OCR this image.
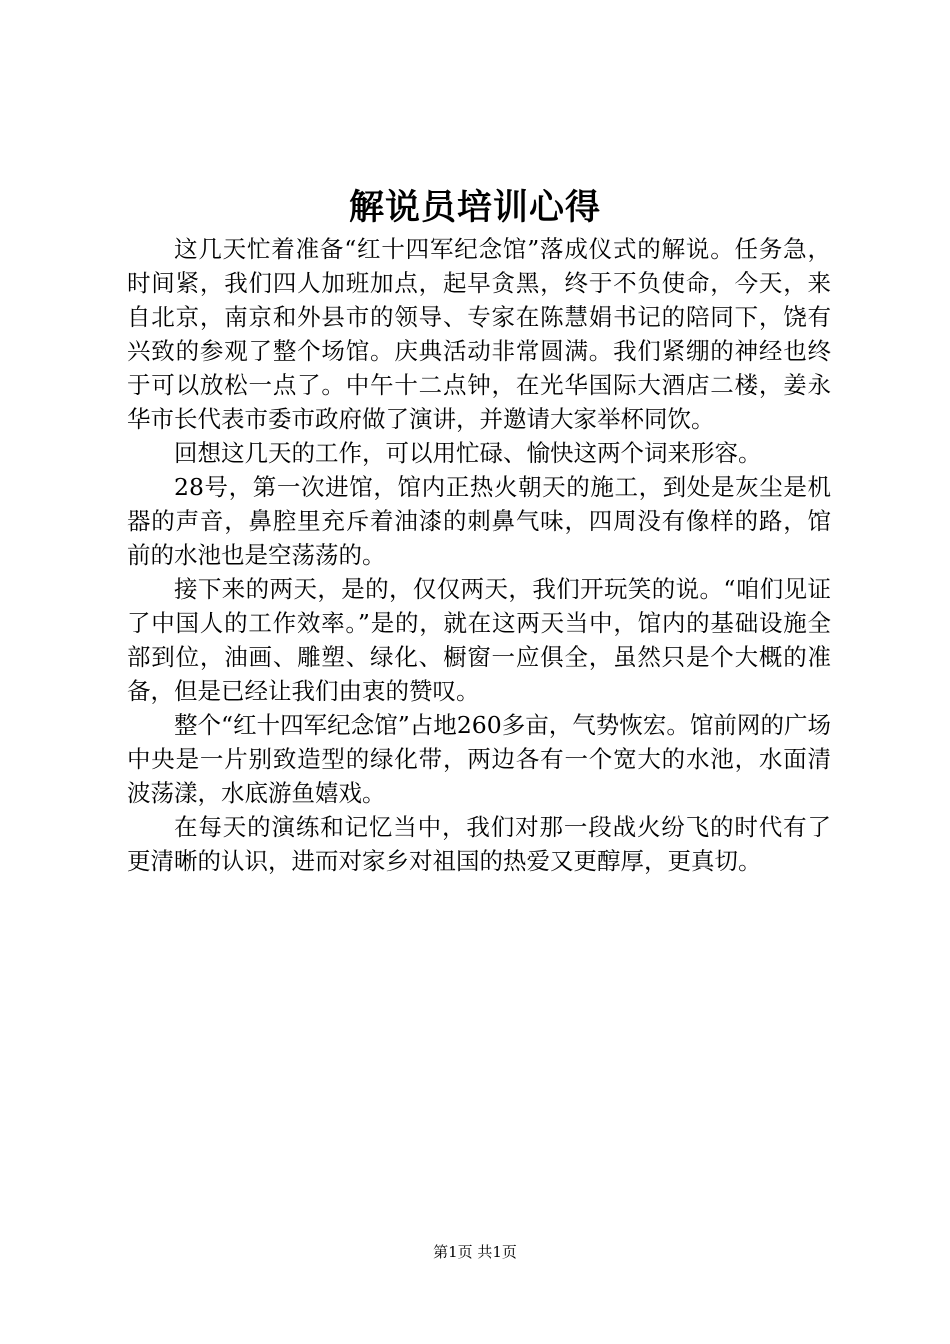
解说员培训心得

这几天忙着准备“红十四军纪念馆”落成仪式的解说。任务急，时间紧，我们四人加班加点，起早贪黑，终于不负使命，今天，来自北京，南京和外县市的领导、专家在陈慧娟书记的陪同下，饶有兴致的参观了整个场馆。庆典活动非常圆满。我们紧绷的神经也终于可以放松一点了。中午十二点钟，在光华国际大酒店二楼，姜永华市长代表市委市政府做了演讲，并邀请大家举杯同饮。

回想这几天的工作，可以用忙碌、愉快这两个词来形容。

28号，第一次进馆，馆内正热火朝天的施工，到处是灰尘是机器的声音，鼻腔里充斥着油漆的刺鼻气味，四周没有像样的路，馆前的水池也是空荡荡的。

接下来的两天，是的，仅仅两天，我们开玩笑的说。“咱们见证了中国人的工作效率。”是的，就在这两天当中，馆内的基础设施全部到位，油画、雕塑、绿化、橱窗一应俱全，虽然只是个大概的准备，但是已经让我们由衷的赞叹。

整个“红十四军纪念馆”占地260多亩，气势恢宏。馆前网的广场中央是一片别致造型的绿化带，两边各有一个宽大的水池，水面清波荡漾，水底游鱼嬉戏。

在每天的演练和记忆当中，我们对那一段战火纷飞的时代有了更清晰的认识，进而对家乡对祖国的热爱又更醇厚，更真切。

第1页 共1页
